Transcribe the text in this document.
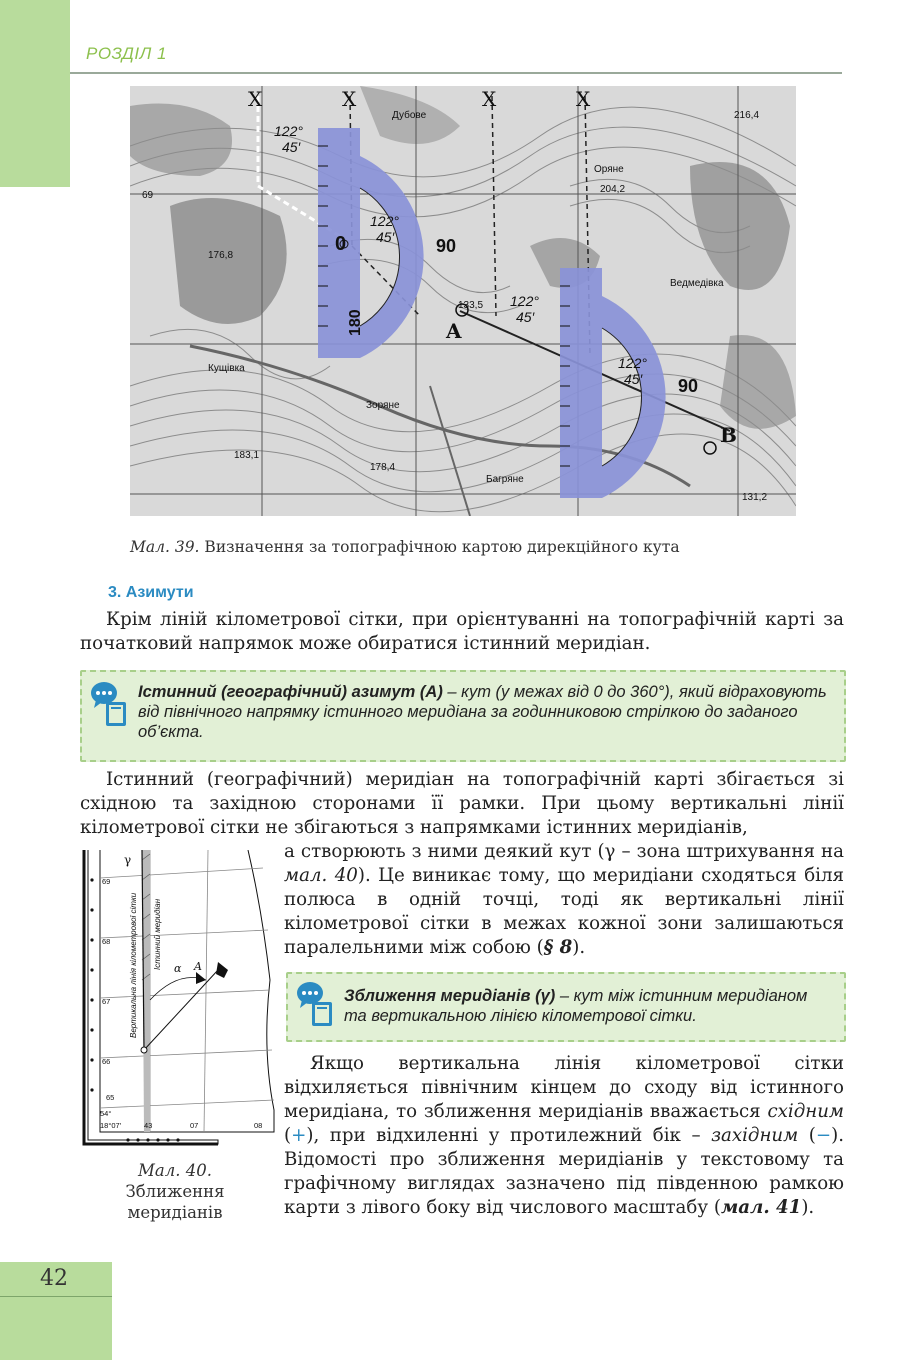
РОЗДІЛ 1
0	90
180
90
X	X	X	X
122°
45′
122°
45′
122°
45′
122°
45′
A
B
Кущівка
Зоряне
Багряне
Ведмедівка
Дубове
Оряне
216,4
176,8
133,5
183,1
178,4
131,2
204,2
69
Мал. 39. Визначення за топографічною картою дирекційного кута
3. Азимути
Крім ліній кілометрової сітки, при орієнтуванні на топографічній карті за початковий напрямок може обиратися істинний меридіан.
Істинний (географічний) азимут (А) – кут (у межах від 0 до 360°), який відраховують від північного напрямку істинного меридіана за годинниковою стрілкою до заданого об’єкта.
Істинний (географічний) меридіан на топографічній карті збігається зі східною та західною сторонами її рамки. При цьому вертикальні лінії кілометрової сітки не збігаються з напрямками істинних меридіанів,
а створюють з ними деякий кут (γ – зона штрихування на мал. 40). Це виникає тому, що меридіани сходяться біля полюса в одній точці, тоді як вертикальні лінії кілометрової сітки в межах кожної зони залишаються паралельними між собою (§ 8).
γ
A
α
69
68
67
66
65
54°
18°07′	43	07	08
Вертикальна лінія кілометрової сітки Істинний меридіан
Мал. 40.
Зближення
меридіанів
Зближення меридіанів (γ) – кут між істинним меридіаном та вертикальною лінією кілометрової сітки.
Якщо вертикальна лінія кілометрової сітки відхиляється північним кінцем до сходу від істинного меридіана, то зближення меридіанів вважається східним (+), при відхиленні у протилежний бік – західним (−). Відомості про зближення меридіанів у текстовому та графічному виглядах зазначено під південною рамкою карти з лівого боку від числового масштабу (мал. 41).
42
